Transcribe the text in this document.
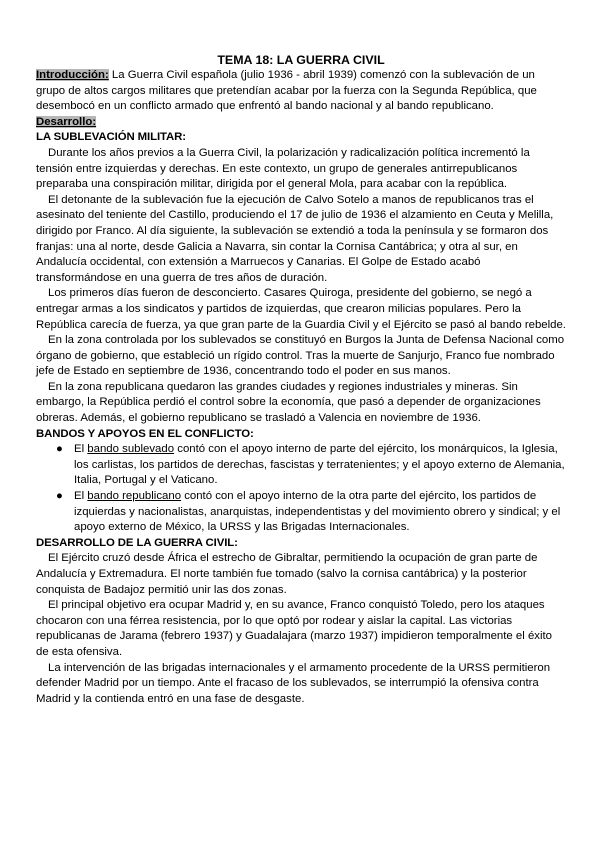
TEMA 18: LA GUERRA CIVIL

Introducción: La Guerra Civil española (julio 1936 - abril 1939) comenzó con la sublevación de un grupo de altos cargos militares que pretendían acabar por la fuerza con la Segunda República, que desembocó en un conflicto armado que enfrentó al bando nacional y al bando republicano.

Desarrollo:

LA SUBLEVACIÓN MILITAR:

Durante los años previos a la Guerra Civil, la polarización y radicalización política incrementó la tensión entre izquierdas y derechas. En este contexto, un grupo de generales antirrepublicanos preparaba una conspiración militar, dirigida por el general Mola, para acabar con la república.

El detonante de la sublevación fue la ejecución de Calvo Sotelo a manos de republicanos tras el asesinato del teniente del Castillo, produciendo el 17 de julio de 1936 el alzamiento en Ceuta y Melilla, dirigido por Franco. Al día siguiente, la sublevación se extendió a toda la península y se formaron dos franjas: una al norte, desde Galicia a Navarra, sin contar la Cornisa Cantábrica; y otra al sur, en Andalucía occidental, con extensión a Marruecos y Canarias. El Golpe de Estado acabó transformándose en una guerra de tres años de duración.

Los primeros días fueron de desconcierto. Casares Quiroga, presidente del gobierno, se negó a entregar armas a los sindicatos y partidos de izquierdas, que crearon milicias populares. Pero la República carecía de fuerza, ya que gran parte de la Guardia Civil y el Ejército se pasó al bando rebelde.

En la zona controlada por los sublevados se constituyó en Burgos la Junta de Defensa Nacional como órgano de gobierno, que estableció un rígido control. Tras la muerte de Sanjurjo, Franco fue nombrado jefe de Estado en septiembre de 1936, concentrando todo el poder en sus manos.

En la zona republicana quedaron las grandes ciudades y regiones industriales y mineras. Sin embargo, la República perdió el control sobre la economía, que pasó a depender de organizaciones obreras. Además, el gobierno republicano se trasladó a Valencia en noviembre de 1936.

BANDOS Y APOYOS EN EL CONFLICTO:

● El bando sublevado contó con el apoyo interno de parte del ejército, los monárquicos, la Iglesia, los carlistas, los partidos de derechas, fascistas y terratenientes; y el apoyo externo de Alemania, Italia, Portugal y el Vaticano.
● El bando republicano contó con el apoyo interno de la otra parte del ejército, los partidos de izquierdas y nacionalistas, anarquistas, independentistas y del movimiento obrero y sindical; y el apoyo externo de México, la URSS y las Brigadas Internacionales.

DESARROLLO DE LA GUERRA CIVIL:

El Ejército cruzó desde África el estrecho de Gibraltar, permitiendo la ocupación de gran parte de Andalucía y Extremadura. El norte también fue tomado (salvo la cornisa cantábrica) y la posterior conquista de Badajoz permitió unir las dos zonas.

El principal objetivo era ocupar Madrid y, en su avance, Franco conquistó Toledo, pero los ataques chocaron con una férrea resistencia, por lo que optó por rodear y aislar la capital. Las victorias republicanas de Jarama (febrero 1937) y Guadalajara (marzo 1937) impidieron temporalmente el éxito de esta ofensiva.

La intervención de las brigadas internacionales y el armamento procedente de la URSS permitieron defender Madrid por un tiempo. Ante el fracaso de los sublevados, se interrumpió la ofensiva contra Madrid y la contienda entró en una fase de desgaste.
